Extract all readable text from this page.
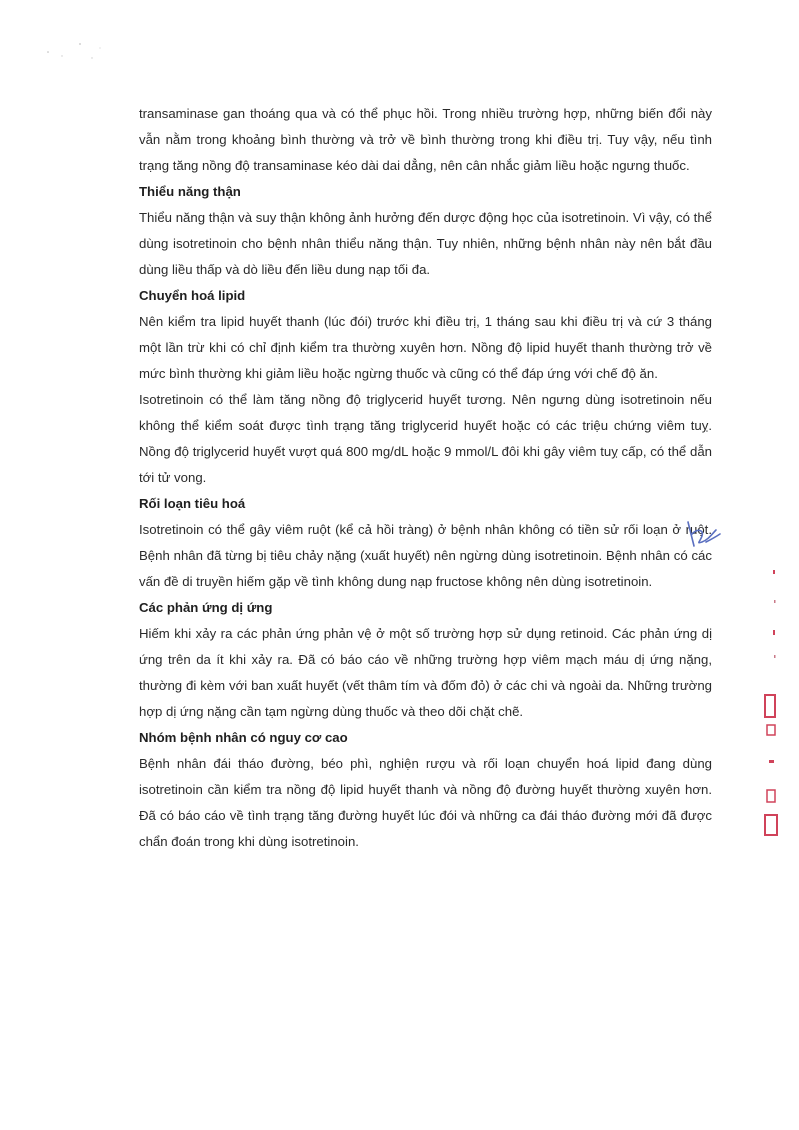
transaminase gan thoáng qua và có thể phục hồi. Trong nhiều trường hợp, những biến đổi này vẫn nằm trong khoảng bình thường và trở về bình thường trong khi điều trị. Tuy vậy, nếu tình trạng tăng nồng độ transaminase kéo dài dai dẳng, nên cân nhắc giảm liều hoặc ngưng thuốc.

Thiểu năng thận

Thiểu năng thận và suy thận không ảnh hưởng đến dược động học của isotretinoin. Vì vậy, có thể dùng isotretinoin cho bệnh nhân thiểu năng thận. Tuy nhiên, những bệnh nhân này nên bắt đầu dùng liều thấp và dò liều đến liều dung nạp tối đa.

Chuyển hoá lipid

Nên kiểm tra lipid huyết thanh (lúc đói) trước khi điều trị, 1 tháng sau khi điều trị và cứ 3 tháng một lần trừ khi có chỉ định kiểm tra thường xuyên hơn. Nồng độ lipid huyết thanh thường trở về mức bình thường khi giảm liều hoặc ngừng thuốc và cũng có thể đáp ứng với chế độ ăn.

Isotretinoin có thể làm tăng nồng độ triglycerid huyết tương. Nên ngưng dùng isotretinoin nếu không thể kiểm soát được tình trạng tăng triglycerid huyết hoặc có các triệu chứng viêm tuỵ. Nồng độ triglycerid huyết vượt quá 800 mg/dL hoặc 9 mmol/L đôi khi gây viêm tuỵ cấp, có thể dẫn tới tử vong.

Rối loạn tiêu hoá

Isotretinoin có thể gây viêm ruột (kể cả hồi tràng) ở bệnh nhân không có tiền sử rối loạn ở ruột. Bệnh nhân đã từng bị tiêu chảy nặng (xuất huyết) nên ngừng dùng isotretinoin. Bệnh nhân có các vấn đề di truyền hiếm gặp về tình không dung nạp fructose không nên dùng isotretinoin.

Các phản ứng dị ứng

Hiếm khi xảy ra các phản ứng phản vệ ở một số trường hợp sử dụng retinoid. Các phản ứng dị ứng trên da ít khi xảy ra. Đã có báo cáo về những trường hợp viêm mạch máu dị ứng nặng, thường đi kèm với ban xuất huyết (vết thâm tím và đốm đỏ) ở các chi và ngoài da. Những trường hợp dị ứng nặng cần tạm ngừng dùng thuốc và theo dõi chặt chẽ.

Nhóm bệnh nhân có nguy cơ cao

Bệnh nhân đái tháo đường, béo phì, nghiện rượu và rối loạn chuyển hoá lipid đang dùng isotretinoin cần kiểm tra nồng độ lipid huyết thanh và nồng độ đường huyết thường xuyên hơn. Đã có báo cáo về tình trạng tăng đường huyết lúc đói và những ca đái tháo đường mới đã được chẩn đoán trong khi dùng isotretinoin.
